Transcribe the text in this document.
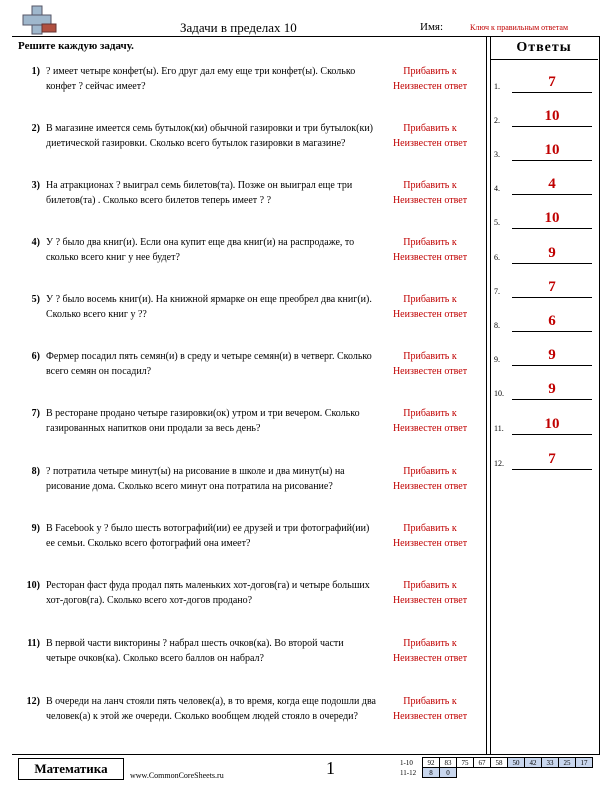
Задачи в пределах 10	Имя:	Ключ к правильным ответам
Решите каждую задачу.	Ответы
1.	7
2.	10
3.	10
4.	4
5.	10
6.	9
7.	7
8.	6
9.	9
10.	9
11.	10
12.	7
1) ? имеет четыре конфет(ы). Его друг дал ему еще три конфет(ы). Сколько конфет ? сейчас имеет?
Прибавить к
Неизвестен ответ
2) В магазине имеется семь бутылок(ки) обычной газировки и три бутылок(ки) диетической газировки. Сколько всего бутылок газировки в магазине?
Прибавить к
Неизвестен ответ
3) На атракционах ? выиграл семь билетов(та). Позже он выиграл еще три билетов(та) . Сколько всего билетов теперь имеет ? ?
Прибавить к
Неизвестен ответ
4) У ? было два книг(и). Если она купит еще два книг(и) на распродаже, то сколько всего книг у нее будет?
Прибавить к
Неизвестен ответ
5) У ? было восемь книг(и). На книжной ярмарке он еще преобрел два книг(и). Сколько всего книг у ??
Прибавить к
Неизвестен ответ
6) Фермер посадил пять семян(и) в среду и четыре семян(и) в четверг. Сколько всего семян он посадил?
Прибавить к
Неизвестен ответ
7) В ресторане продано четыре газировки(ок) утром и три вечером. Сколько газированных напитков они продали за весь день?
Прибавить к
Неизвестен ответ
8) ? потратила четыре минут(ы) на рисование в школе и два минут(ы) на рисование дома. Сколько всего минут она потратила на рисование?
Прибавить к
Неизвестен ответ
9) В Facebook у ? было шесть вотографий(ии) ее друзей и три фотографий(ии) ее семьи. Сколько всего фотографий она имеет?
Прибавить к
Неизвестен ответ
10) Ресторан фаст фуда продал пять маленьких хот-догов(га) и четыре больших хот-догов(га). Сколько всего хот-догов продано?
Прибавить к
Неизвестен ответ
11) В первой части викторины ? набрал шесть очков(ка). Во второй части четыре очков(ка). Сколько всего баллов он набрал?
Прибавить к
Неизвестен ответ
12) В очереди на ланч стояли пять человек(а), в то время, когда еще подошли два человек(а) к этой же очереди. Сколько вообщем людей стояло в очереди?
Прибавить к
Неизвестен ответ
Математика	www.CommonCoreSheets.ru	1	1-10	92	83	75	67	58	50	42	33	25	17
11-12	8	0								
